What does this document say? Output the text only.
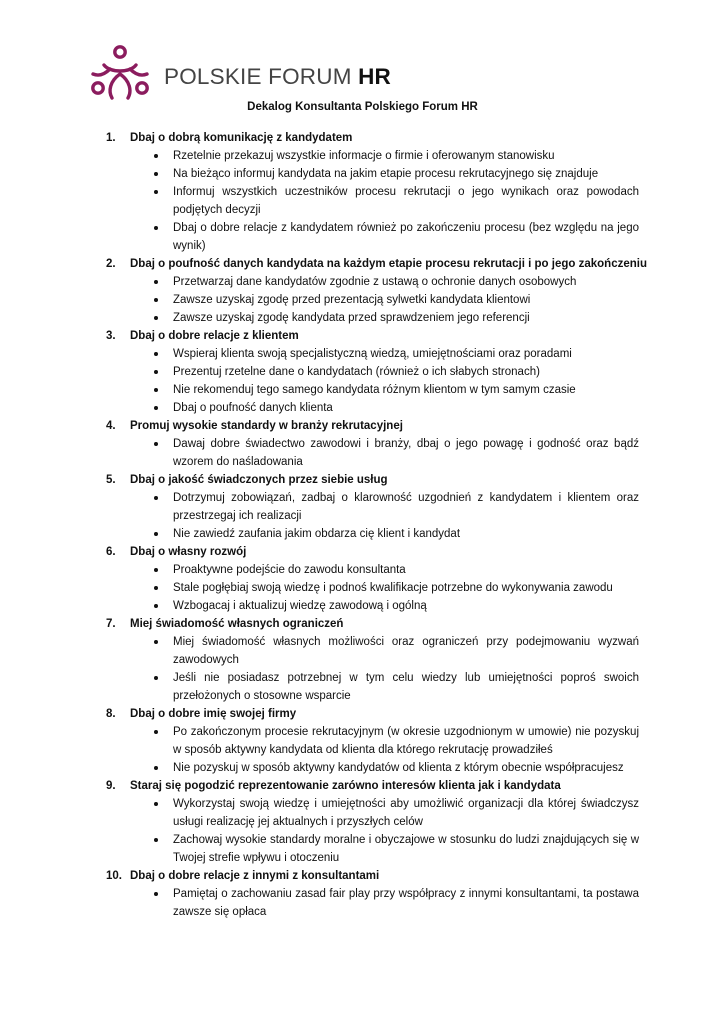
POLSKIE FORUM HR
Dekalog Konsultanta Polskiego Forum HR
1. Dbaj o dobrą komunikację z kandydatem
Rzetelnie przekazuj wszystkie informacje o firmie i oferowanym stanowisku
Na bieżąco informuj kandydata na jakim etapie procesu rekrutacyjnego się znajduje
Informuj wszystkich uczestników procesu rekrutacji o jego wynikach oraz powodach podjętych decyzji
Dbaj o dobre relacje z kandydatem również po zakończeniu procesu (bez względu na jego wynik)
2. Dbaj o poufność danych kandydata na każdym etapie procesu rekrutacji i po jego zakończeniu
Przetwarzaj dane kandydatów zgodnie z ustawą o ochronie danych osobowych
Zawsze uzyskaj zgodę przed prezentacją sylwetki kandydata klientowi
Zawsze uzyskaj zgodę kandydata przed sprawdzeniem jego referencji
3. Dbaj o dobre relacje z klientem
Wspieraj klienta swoją specjalistyczną wiedzą, umiejętnościami oraz poradami
Prezentuj rzetelne dane o kandydatach (również o ich słabych stronach)
Nie rekomenduj tego samego kandydata różnym klientom w tym samym czasie
Dbaj o poufność danych klienta
4. Promuj wysokie standardy w branży rekrutacyjnej
Dawaj dobre świadectwo zawodowi i branży, dbaj o jego powagę i godność oraz bądź wzorem do naśladowania
5. Dbaj o jakość świadczonych przez siebie usług
Dotrzymuj zobowiązań, zadbaj o klarowność uzgodnień z kandydatem i klientem oraz przestrzegaj ich realizacji
Nie zawiedź zaufania jakim obdarza cię klient i kandydat
6. Dbaj o własny rozwój
Proaktywne podejście do zawodu konsultanta
Stale pogłębiaj swoją wiedzę i podnoś kwalifikacje potrzebne do wykonywania zawodu
Wzbogacaj i aktualizuj wiedzę zawodową i ogólną
7. Miej świadomość własnych ograniczeń
Miej świadomość własnych możliwości oraz ograniczeń przy podejmowaniu wyzwań zawodowych
Jeśli nie posiadasz potrzebnej w tym celu wiedzy lub umiejętności poproś swoich przełożonych o stosowne wsparcie
8. Dbaj o dobre imię swojej firmy
Po zakończonym procesie rekrutacyjnym (w okresie uzgodnionym w umowie) nie pozyskuj w sposób aktywny kandydata od klienta dla którego rekrutację prowadziłeś
Nie pozyskuj w sposób aktywny kandydatów od klienta z którym obecnie współpracujesz
9. Staraj się pogodzić reprezentowanie zarówno interesów klienta jak i kandydata
Wykorzystaj swoją wiedzę i umiejętności aby umożliwić organizacji dla której świadczysz usługi realizację jej aktualnych i przyszłych celów
Zachowaj wysokie standardy moralne i obyczajowe w stosunku do ludzi znajdujących się w Twojej strefie wpływu i otoczeniu
10. Dbaj o dobre relacje z innymi z konsultantami
Pamiętaj o zachowaniu zasad fair play przy współpracy z innymi konsultantami, ta postawa zawsze się opłaca
